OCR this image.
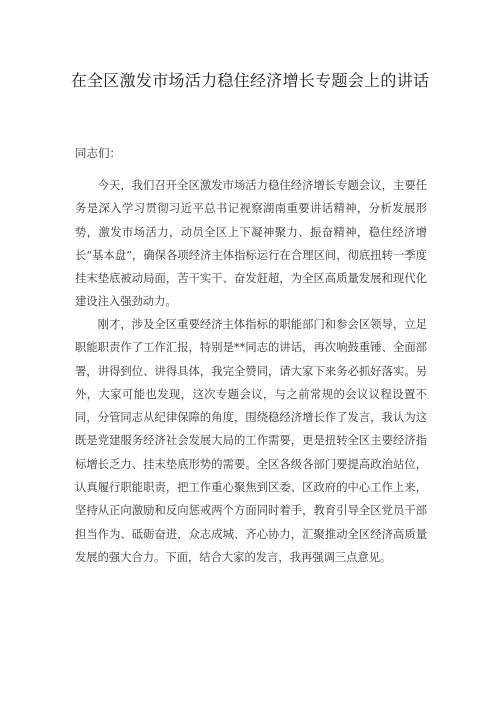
在全区激发市场活力稳住经济增长专题会上的讲话
同志们：

今天，我们召开全区激发市场活力稳住经济增长专题会议，主要任务是深入学习贯彻习近平总书记视察湖南重要讲话精神，分析发展形势，激发市场活力，动员全区上下凝神聚力、振奋精神，稳住经济增长“基本盘”，确保各项经济主体指标运行在合理区间，彻底扭转一季度挂末垫底被动局面，苦干实干、奋发赶超，为全区高质量发展和现代化建设注入强劲动力。

刚才，涉及全区重要经济主体指标的职能部门和参会区领导，立足职能职责作了工作汇报，特别是**同志的讲话，再次响鼓重锤、全面部署，讲得到位、讲得具体，我完全赞同，请大家下来务必抓好落实。另外，大家可能也发现，这次专题会议，与之前常规的会议议程设置不同，分管同志从纪律保障的角度，围绕稳经济增长作了发言，我认为这既是党建服务经济社会发展大局的工作需要，更是扭转全区主要经济指标增长乏力、挂末垫底形势的需要。全区各级各部门要提高政治站位，认真履行职能职责，把工作重心聚焦到区委、区政府的中心工作上来，坚持从正向激励和反向惩戒两个方面同时着手，教育引导全区党员干部担当作为、砥砺奋进，众志成城、齐心协力，汇聚推动全区经济高质量发展的强大合力。下面，结合大家的发言，我再强调三点意见。
